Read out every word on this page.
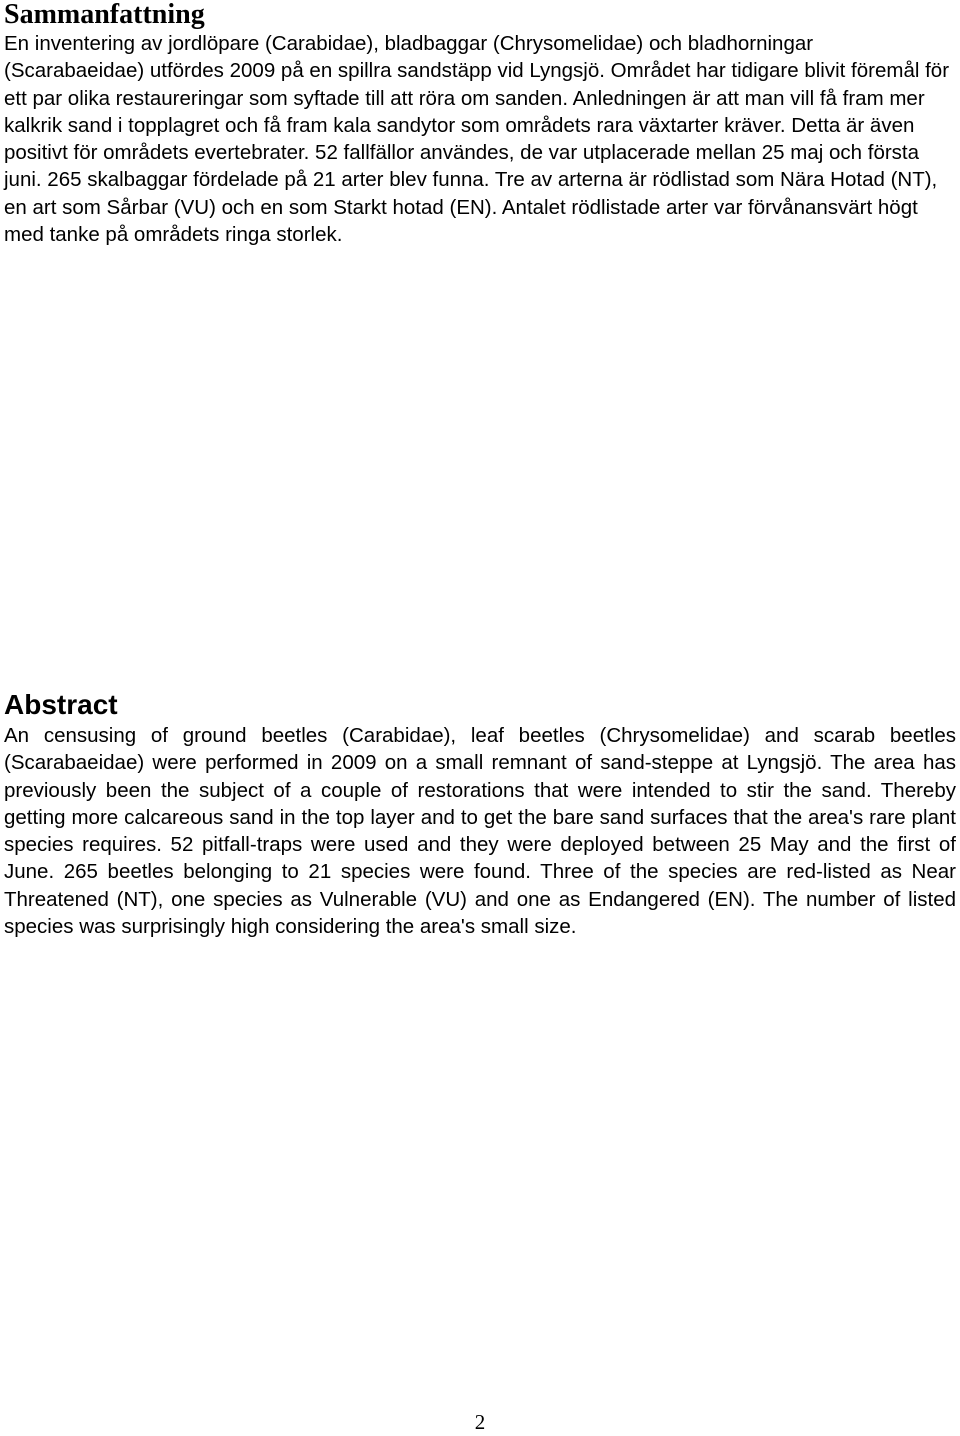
Sammanfattning

En inventering av jordlöpare (Carabidae), bladbaggar (Chrysomelidae) och bladhorningar (Scarabaeidae) utfördes 2009 på en spillra sandstäpp vid Lyngsjö. Området har tidigare blivit föremål för ett par olika restaureringar som syftade till att röra om sanden. Anledningen är att man vill få fram mer kalkrik sand i topplagret och få fram kala sandytor som områdets rara växtarter kräver. Detta är även positivt för områdets evertebrater. 52 fallfällor användes, de var utplacerade mellan 25 maj och första juni. 265 skalbaggar fördelade på 21 arter blev funna. Tre av arterna är rödlistad som Nära Hotad (NT), en art som Sårbar (VU) och en som Starkt hotad (EN). Antalet rödlistade arter var förvånansvärt högt med tanke på områdets ringa storlek.

Abstract

An censusing of ground beetles (Carabidae), leaf beetles (Chrysomelidae) and scarab beetles (Scarabaeidae) were performed in 2009 on a small remnant of sand-steppe at Lyngsjö. The area has previously been the subject of a couple of restorations that were intended to stir the sand. Thereby getting more calcareous sand in the top layer and to get the bare sand surfaces that the area's rare plant species requires. 52 pitfall-traps were used and they were deployed between 25 May and the first of June. 265 beetles belonging to 21 species were found. Three of the species are red-listed as Near Threatened (NT), one species as Vulnerable (VU) and one as Endangered (EN). The number of listed species was surprisingly high considering the area's small size.

2
